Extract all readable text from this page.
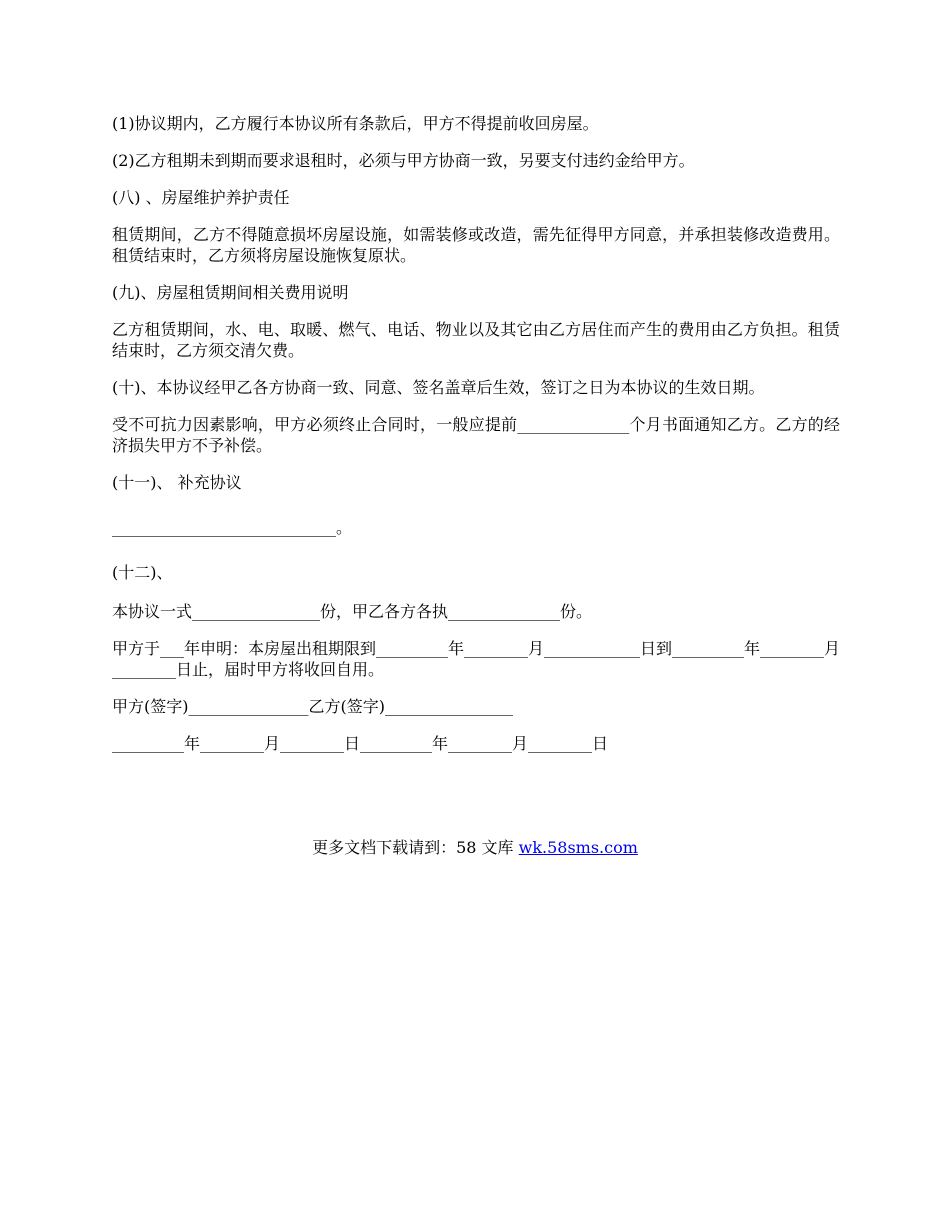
(1)协议期内，乙方履行本协议所有条款后，甲方不得提前收回房屋。

(2)乙方租期未到期而要求退租时，必须与甲方协商一致，另要支付违约金给甲方。

(八) 、房屋维护养护责任

租赁期间，乙方不得随意损坏房屋设施，如需装修或改造，需先征得甲方同意，并承担装修改造费用。租赁结束时，乙方须将房屋设施恢复原状。

(九)、房屋租赁期间相关费用说明

乙方租赁期间，水、电、取暖、燃气、电话、物业以及其它由乙方居住而产生的费用由乙方负担。租赁结束时，乙方须交清欠费。

(十)、本协议经甲乙各方协商一致、同意、签名盖章后生效，签订之日为本协议的生效日期。

受不可抗力因素影响，甲方必须终止合同时，一般应提前______________个月书面通知乙方。乙方的经济损失甲方不予补偿。

(十一)、 补充协议

____________________________。

(十二)、

本协议一式________________份，甲乙各方各执______________份。

甲方于___年申明：本房屋出租期限到_________年________月____________日到_________年________月________日止，届时甲方将收回自用。

甲方(签字)_______________乙方(签字)________________

_________年________月________日_________年________月________日

更多文档下载请到：58 文库 wk.58sms.com
